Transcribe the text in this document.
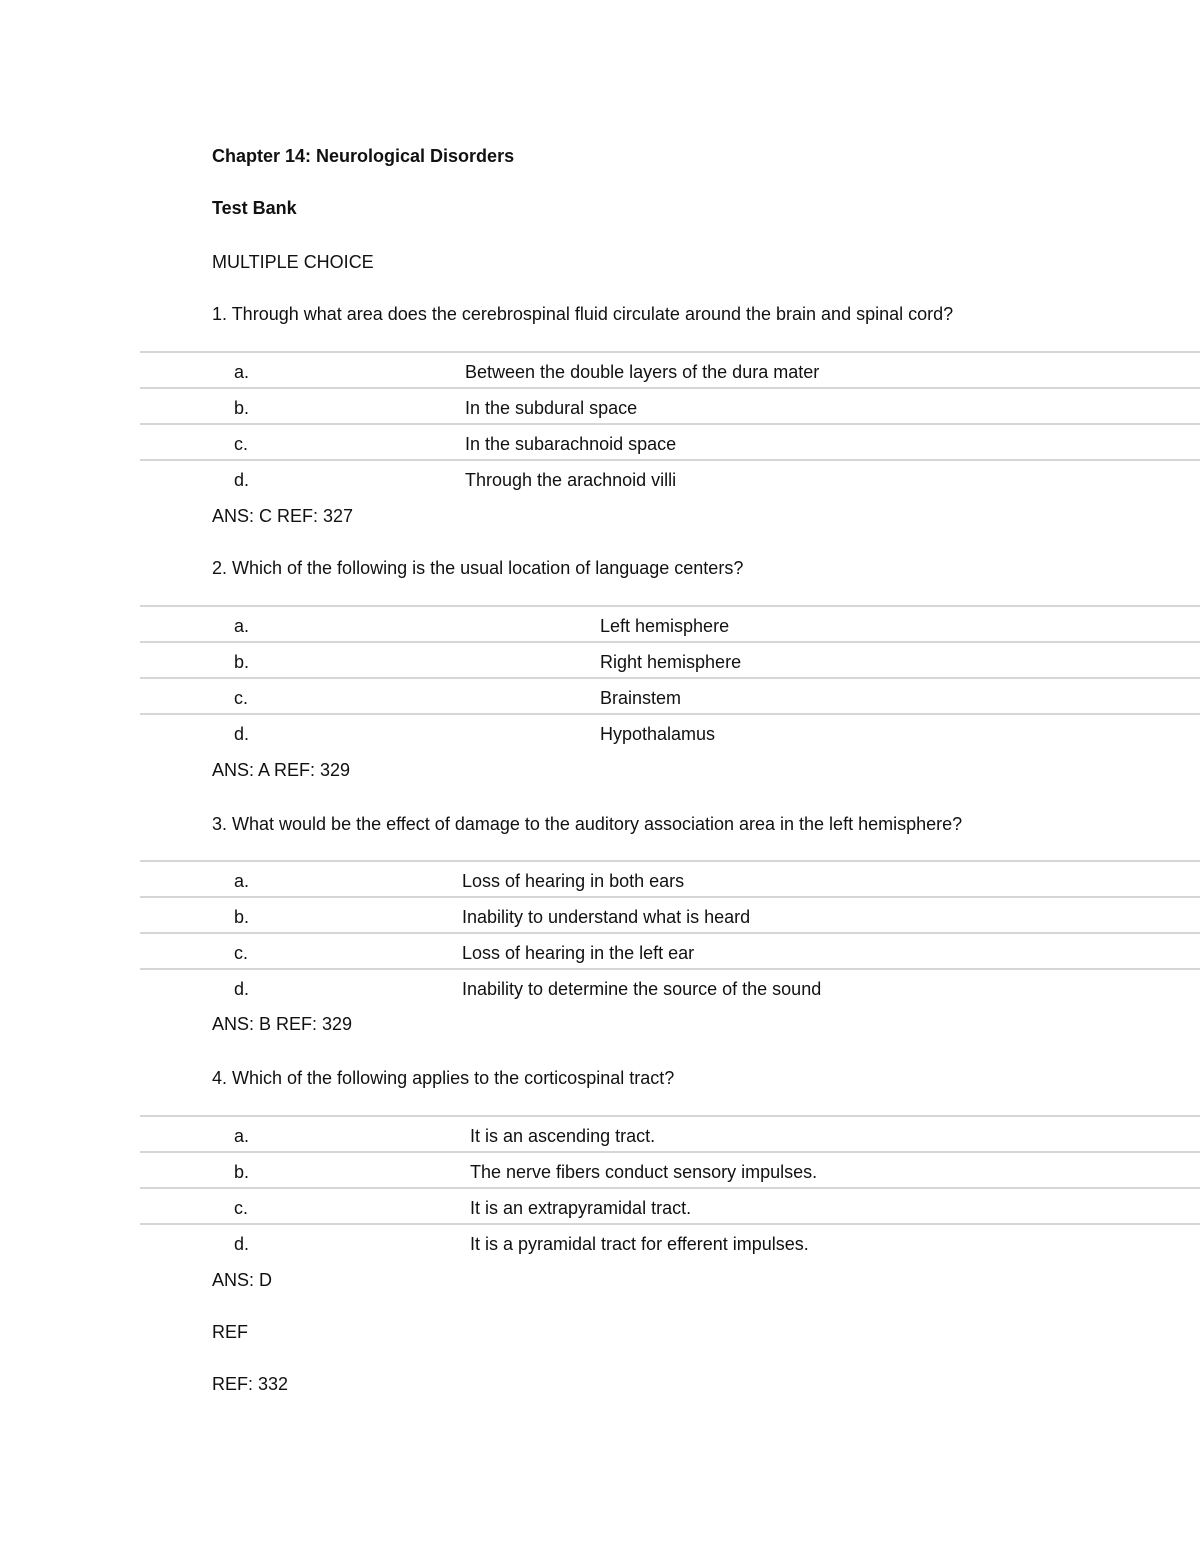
Chapter 14: Neurological Disorders
Test Bank
MULTIPLE CHOICE
1. Through what area does the cerebrospinal fluid circulate around the brain and spinal cord?
a.	Between the double layers of the dura mater
b.	In the subdural space
c.	In the subarachnoid space
d.	Through the arachnoid villi
ANS: C REF: 327
2. Which of the following is the usual location of language centers?
a.	Left hemisphere
b.	Right hemisphere
c.	Brainstem
d.	Hypothalamus
ANS: A REF: 329
3. What would be the effect of damage to the auditory association area in the left hemisphere?
a.	Loss of hearing in both ears
b.	Inability to understand what is heard
c.	Loss of hearing in the left ear
d.	Inability to determine the source of the sound
ANS: B REF: 329
4. Which of the following applies to the corticospinal tract?
a.	It is an ascending tract.
b.	The nerve fibers conduct sensory impulses.
c.	It is an extrapyramidal tract.
d.	It is a pyramidal tract for efferent impulses.
ANS: D
REF
REF: 332
